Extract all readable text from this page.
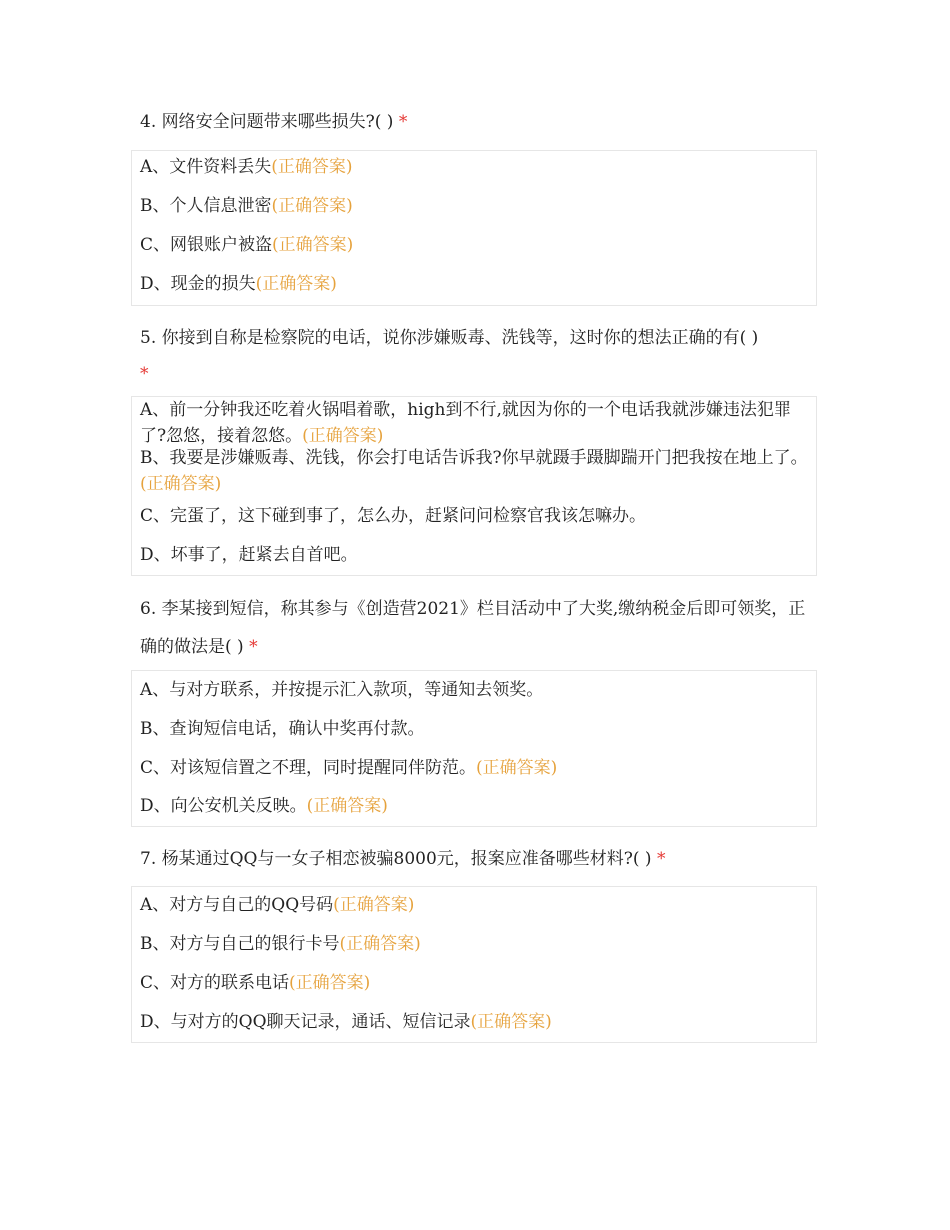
4. 网络安全问题带来哪些损失?( ) *
A、文件资料丢失(正确答案)
B、个人信息泄密(正确答案)
C、网银账户被盗(正确答案)
D、现金的损失(正确答案)
5. 你接到自称是检察院的电话，说你涉嫌贩毒、洗钱等，这时你的想法正确的有( )
*
A、前一分钟我还吃着火锅唱着歌，high到不行,就因为你的一个电话我就涉嫌违法犯罪了?忽悠，接着忽悠。(正确答案)
B、我要是涉嫌贩毒、洗钱，你会打电话告诉我?你早就蹑手蹑脚踹开门把我按在地上了。(正确答案)
C、完蛋了，这下碰到事了，怎么办，赶紧问问检察官我该怎嘛办。
D、坏事了，赶紧去自首吧。
6. 李某接到短信，称其参与《创造营2021》栏目活动中了大奖,缴纳税金后即可领奖，正确的做法是( ) *
A、与对方联系，并按提示汇入款项，等通知去领奖。
B、查询短信电话，确认中奖再付款。
C、对该短信置之不理，同时提醒同伴防范。(正确答案)
D、向公安机关反映。(正确答案)
7. 杨某通过QQ与一女子相恋被骗8000元，报案应准备哪些材料?( ) *
A、对方与自己的QQ号码(正确答案)
B、对方与自己的银行卡号(正确答案)
C、对方的联系电话(正确答案)
D、与对方的QQ聊天记录，通话、短信记录(正确答案)
